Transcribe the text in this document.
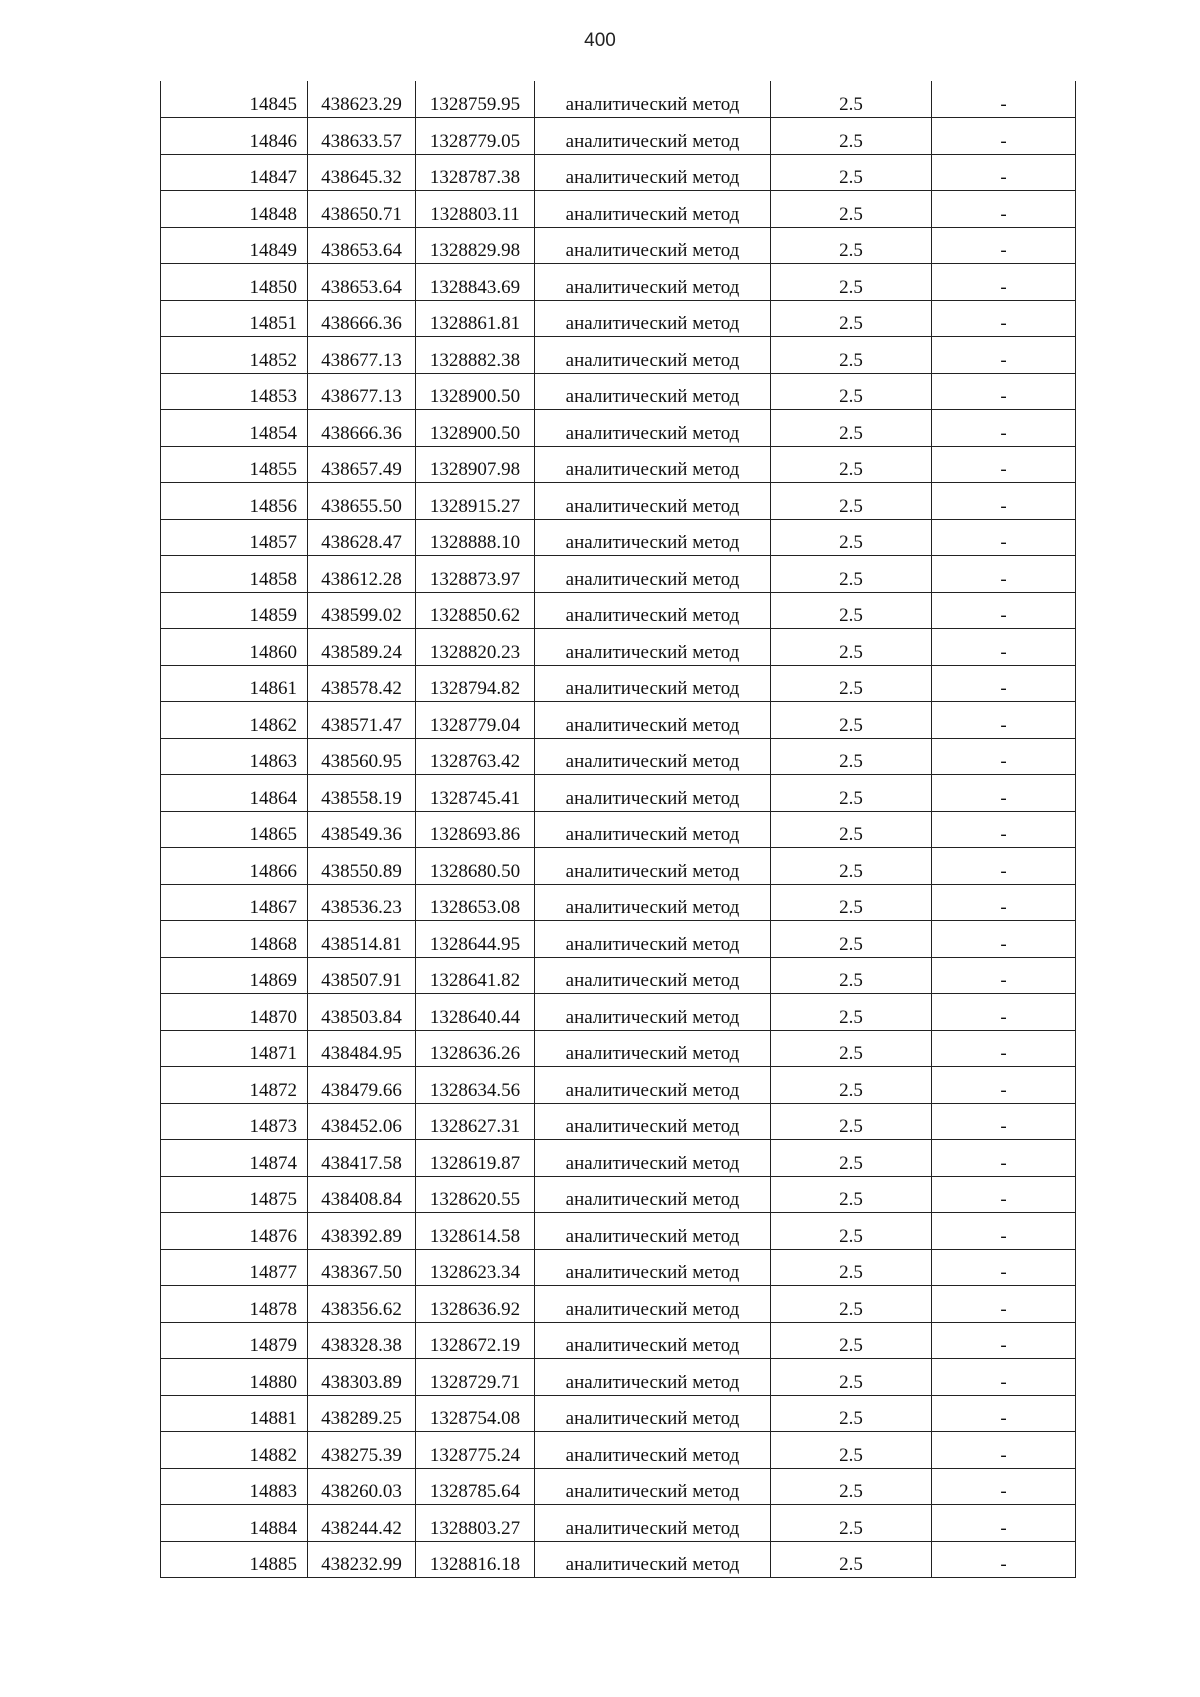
400
14845	438623.29	1328759.95	аналитический метод	2.5	-
14846	438633.57	1328779.05	аналитический метод	2.5	-
14847	438645.32	1328787.38	аналитический метод	2.5	-
14848	438650.71	1328803.11	аналитический метод	2.5	-
14849	438653.64	1328829.98	аналитический метод	2.5	-
14850	438653.64	1328843.69	аналитический метод	2.5	-
14851	438666.36	1328861.81	аналитический метод	2.5	-
14852	438677.13	1328882.38	аналитический метод	2.5	-
14853	438677.13	1328900.50	аналитический метод	2.5	-
14854	438666.36	1328900.50	аналитический метод	2.5	-
14855	438657.49	1328907.98	аналитический метод	2.5	-
14856	438655.50	1328915.27	аналитический метод	2.5	-
14857	438628.47	1328888.10	аналитический метод	2.5	-
14858	438612.28	1328873.97	аналитический метод	2.5	-
14859	438599.02	1328850.62	аналитический метод	2.5	-
14860	438589.24	1328820.23	аналитический метод	2.5	-
14861	438578.42	1328794.82	аналитический метод	2.5	-
14862	438571.47	1328779.04	аналитический метод	2.5	-
14863	438560.95	1328763.42	аналитический метод	2.5	-
14864	438558.19	1328745.41	аналитический метод	2.5	-
14865	438549.36	1328693.86	аналитический метод	2.5	-
14866	438550.89	1328680.50	аналитический метод	2.5	-
14867	438536.23	1328653.08	аналитический метод	2.5	-
14868	438514.81	1328644.95	аналитический метод	2.5	-
14869	438507.91	1328641.82	аналитический метод	2.5	-
14870	438503.84	1328640.44	аналитический метод	2.5	-
14871	438484.95	1328636.26	аналитический метод	2.5	-
14872	438479.66	1328634.56	аналитический метод	2.5	-
14873	438452.06	1328627.31	аналитический метод	2.5	-
14874	438417.58	1328619.87	аналитический метод	2.5	-
14875	438408.84	1328620.55	аналитический метод	2.5	-
14876	438392.89	1328614.58	аналитический метод	2.5	-
14877	438367.50	1328623.34	аналитический метод	2.5	-
14878	438356.62	1328636.92	аналитический метод	2.5	-
14879	438328.38	1328672.19	аналитический метод	2.5	-
14880	438303.89	1328729.71	аналитический метод	2.5	-
14881	438289.25	1328754.08	аналитический метод	2.5	-
14882	438275.39	1328775.24	аналитический метод	2.5	-
14883	438260.03	1328785.64	аналитический метод	2.5	-
14884	438244.42	1328803.27	аналитический метод	2.5	-
14885	438232.99	1328816.18	аналитический метод	2.5	-
